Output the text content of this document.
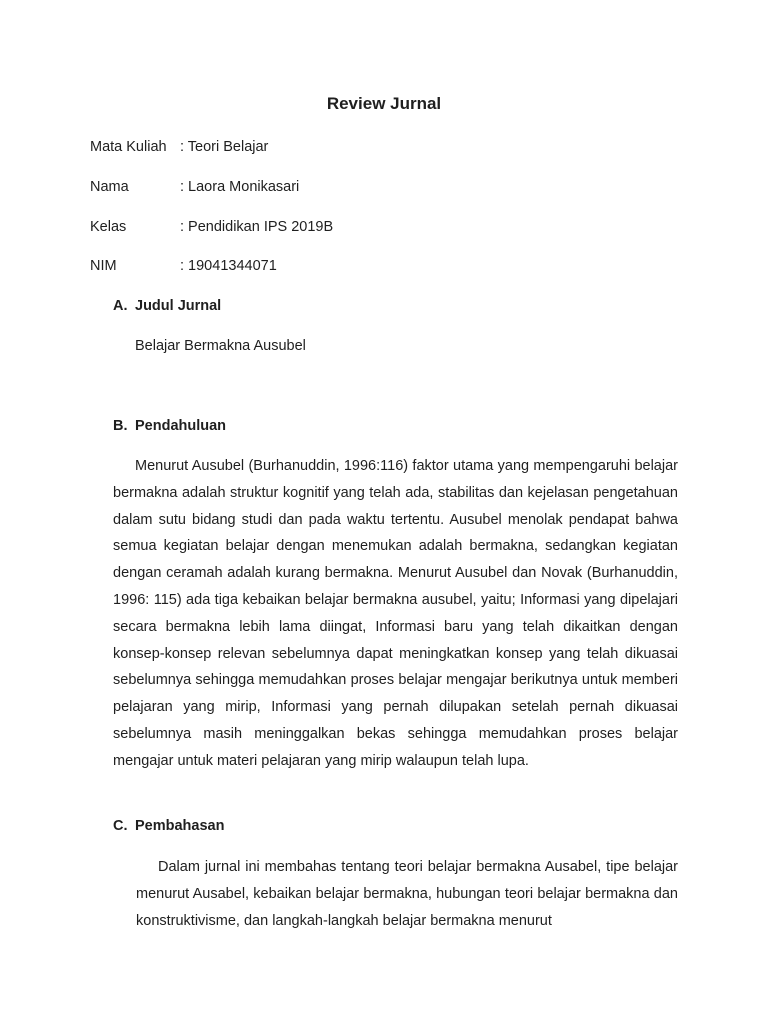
Review Jurnal
Mata Kuliah : Teori Belajar
Nama	: Laora Monikasari
Kelas	: Pendidikan IPS 2019B
NIM	: 19041344071
A. Judul Jurnal
Belajar Bermakna Ausubel
B. Pendahuluan

Menurut Ausubel (Burhanuddin, 1996:116) faktor utama yang mempengaruhi belajar bermakna adalah struktur kognitif yang telah ada, stabilitas dan kejelasan pengetahuan dalam sutu bidang studi dan pada waktu tertentu. Ausubel menolak pendapat bahwa semua kegiatan belajar dengan menemukan adalah bermakna, sedangkan kegiatan dengan ceramah adalah kurang bermakna. Menurut Ausubel dan Novak (Burhanuddin, 1996: 115) ada tiga kebaikan belajar bermakna ausubel, yaitu; Informasi yang dipelajari secara bermakna lebih lama diingat, Informasi baru yang telah dikaitkan dengan konsep-konsep relevan sebelumnya dapat meningkatkan konsep yang telah dikuasai sebelumnya sehingga memudahkan proses belajar mengajar berikutnya untuk memberi pelajaran yang mirip, Informasi yang pernah dilupakan setelah pernah dikuasai sebelumnya masih meninggalkan bekas sehingga memudahkan proses belajar mengajar untuk materi pelajaran yang mirip walaupun telah lupa.

C. Pembahasan

Dalam jurnal ini membahas tentang teori belajar bermakna Ausabel, tipe belajar menurut Ausabel, kebaikan belajar bermakna, hubungan teori belajar bermakna dan konstruktivisme, dan langkah-langkah belajar bermakna menurut
